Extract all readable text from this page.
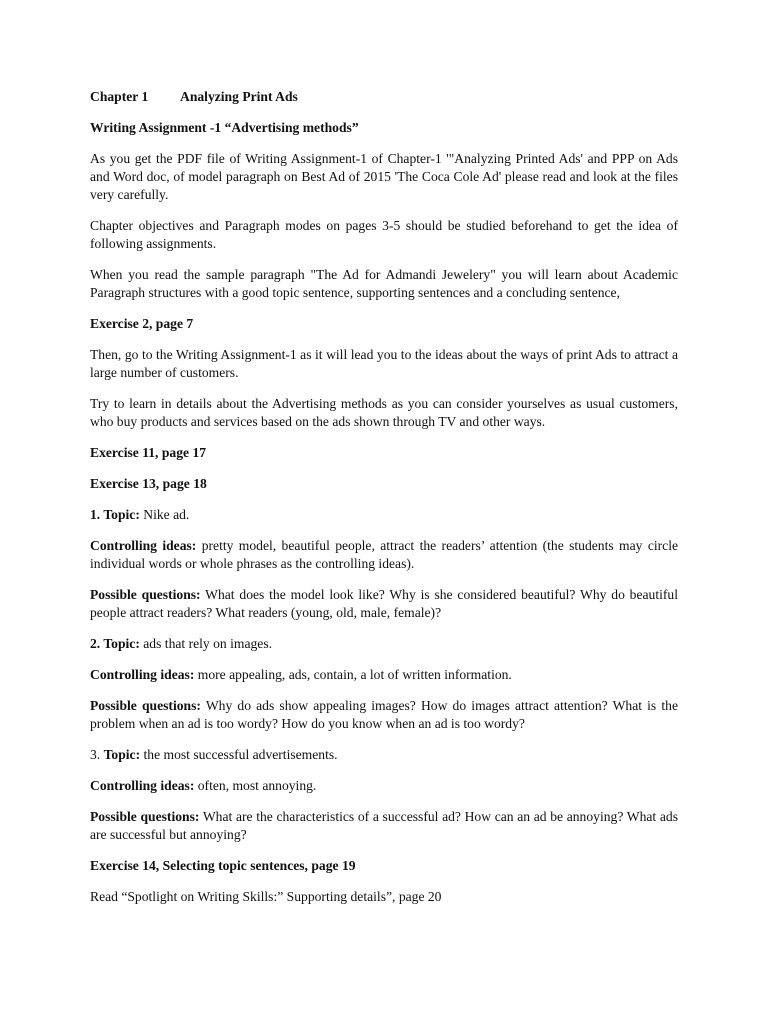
Chapter 1 Analyzing Print Ads
Writing Assignment -1 “Advertising methods”
As you get the PDF file of Writing Assignment-1 of Chapter-1 '"Analyzing Printed Ads' and PPP on Ads and Word doc, of model paragraph on Best Ad of 2015 'The Coca Cole Ad' please read and look at the files very carefully.
Chapter objectives and Paragraph modes on pages 3-5 should be studied beforehand to get the idea of following assignments.
When you read the sample paragraph "The Ad for Admandi Jewelery" you will learn about Academic Paragraph structures with a good topic sentence, supporting sentences and a concluding sentence,
Exercise 2, page 7
Then, go to the Writing Assignment-1 as it will lead you to the ideas about the ways of print Ads to attract a large number of customers.
Try to learn in details about the Advertising methods as you can consider yourselves as usual customers, who buy products and services based on the ads shown through TV and other ways.
Exercise 11, page 17
Exercise 13, page 18
1. Topic: Nike ad.
Controlling ideas: pretty model, beautiful people, attract the readers’ attention (the students may circle individual words or whole phrases as the controlling ideas).
Possible questions: What does the model look like? Why is she considered beautiful? Why do beautiful people attract readers? What readers (young, old, male, female)?
2. Topic: ads that rely on images.
Controlling ideas: more appealing, ads, contain, a lot of written information.
Possible questions: Why do ads show appealing images? How do images attract attention? What is the problem when an ad is too wordy? How do you know when an ad is too wordy?
3. Topic: the most successful advertisements.
Controlling ideas: often, most annoying.
Possible questions: What are the characteristics of a successful ad? How can an ad be annoying? What ads are successful but annoying?
Exercise 14, Selecting topic sentences, page 19
Read “Spotlight on Writing Skills:” Supporting details”, page 20
